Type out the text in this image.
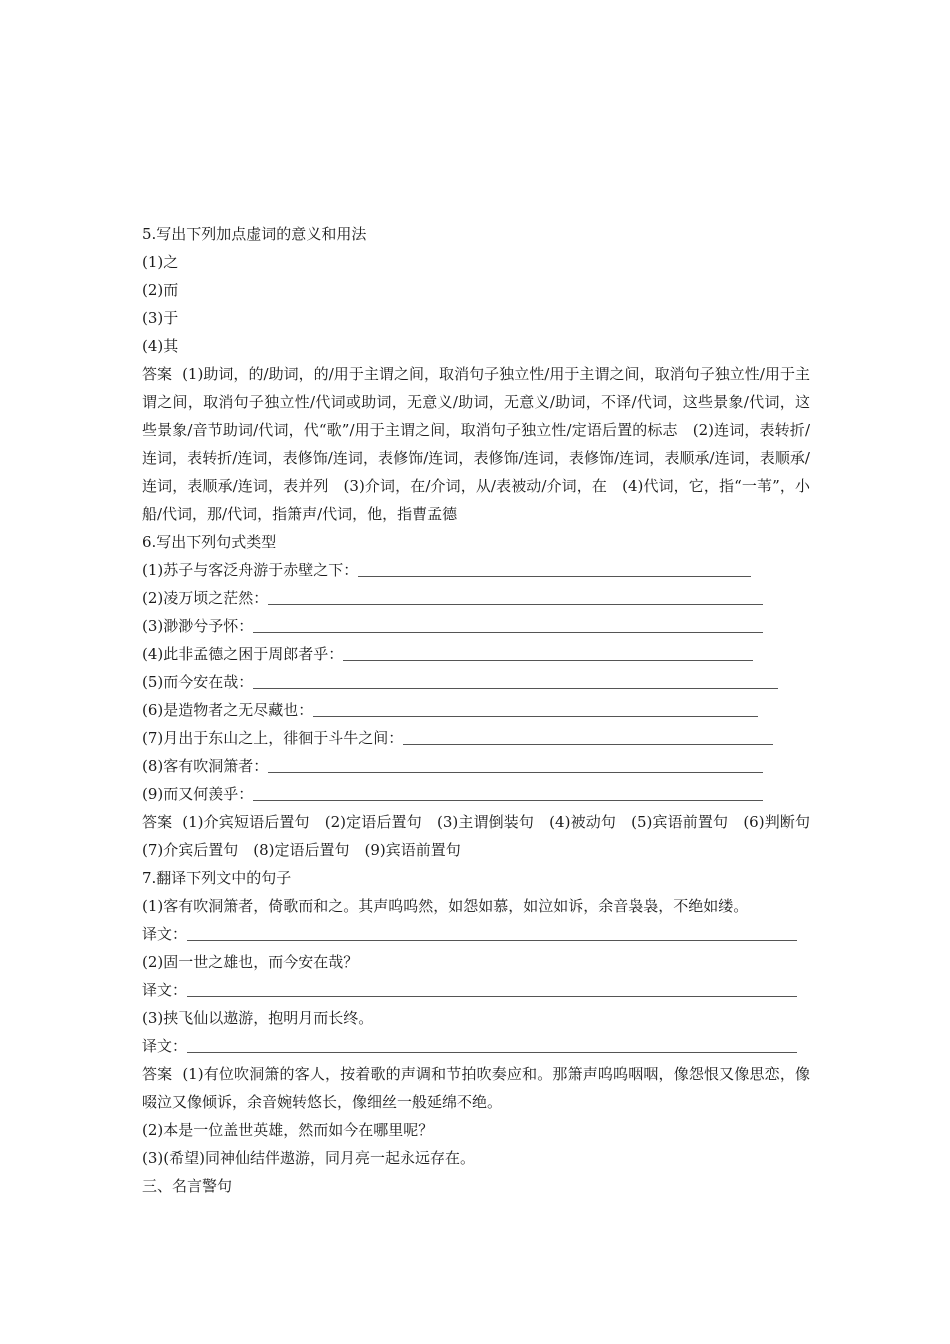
5.写出下列加点虚词的意义和用法
(1)之
(2)而
(3)于
(4)其
答案 (1)助词，的/助词，的/用于主谓之间，取消句子独立性/用于主谓之间，取消句子独立性/用于主谓之间，取消句子独立性/代词或助词，无意义/助词，无意义/助词，不译/代词，这些景象/代词，这些景象/音节助词/代词，代“歌”/用于主谓之间，取消句子独立性/定语后置的标志　(2)连词，表转折/连词，表转折/连词，表修饰/连词，表修饰/连词，表修饰/连词，表修饰/连词，表顺承/连词，表顺承/连词，表顺承/连词，表并列　(3)介词，在/介词，从/表被动/介词，在　(4)代词，它，指“一苇”，小船/代词，那/代词，指箫声/代词，他，指曹孟德
6.写出下列句式类型
(1)苏子与客泛舟游于赤壁之下：
(2)凌万顷之茫然：
(3)渺渺兮予怀：
(4)此非孟德之困于周郎者乎：
(5)而今安在哉：
(6)是造物者之无尽藏也：
(7)月出于东山之上，徘徊于斗牛之间：
(8)客有吹洞箫者：
(9)而又何羡乎：
答案 (1)介宾短语后置句　(2)定语后置句　(3)主谓倒装句　(4)被动句　(5)宾语前置句　(6)判断句　(7)介宾后置句　(8)定语后置句　(9)宾语前置句
7.翻译下列文中的句子
(1)客有吹洞箫者，倚歌而和之。其声呜呜然，如怨如慕，如泣如诉，余音袅袅，不绝如缕。
译文：
(2)固一世之雄也，而今安在哉？
译文：
(3)挟飞仙以遨游，抱明月而长终。
译文：
答案 (1)有位吹洞箫的客人，按着歌的声调和节拍吹奏应和。那箫声呜呜咽咽，像怨恨又像思恋，像啜泣又像倾诉，余音婉转悠长，像细丝一般延绵不绝。
(2)本是一位盖世英雄，然而如今在哪里呢？
(3)(希望)同神仙结伴遨游，同月亮一起永远存在。
三、名言警句
